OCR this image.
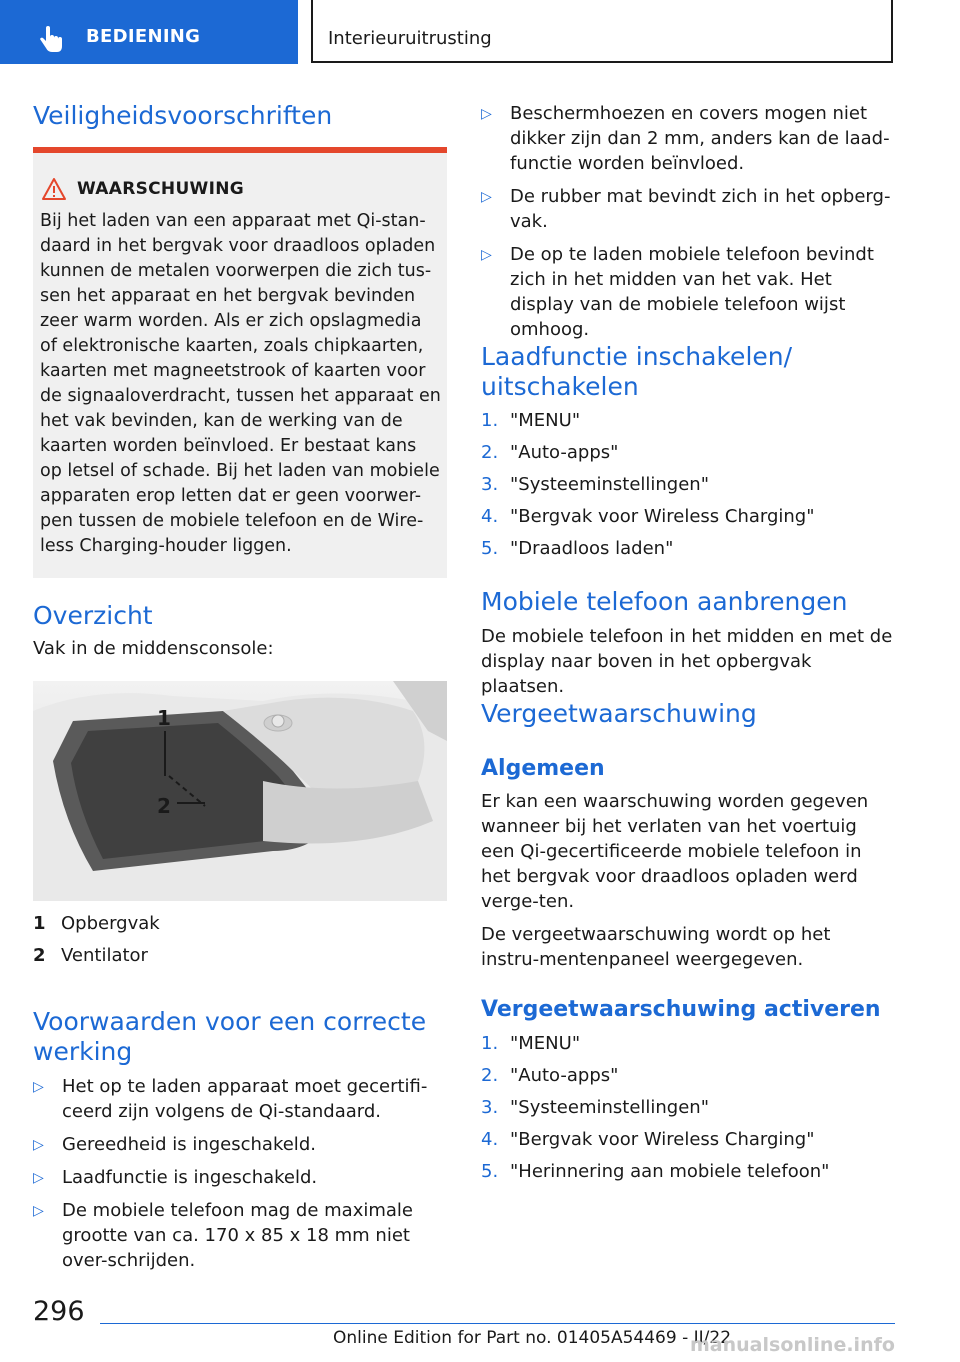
BEDIENING	Interieuruitrusting
Veiligheidsvoorschriften
WAARSCHUWING
Bij het laden van een apparaat met Qi-stan-daard in het bergvak voor draadloos opladen kunnen de metalen voorwerpen die zich tus-sen het apparaat en het bergvak bevinden zeer warm worden. Als er zich opslagmedia of elektronische kaarten, zoals chipkaarten, kaarten met magneetstrook of kaarten voor de signaaloverdracht, tussen het apparaat en het vak bevinden, kan de werking van de kaarten worden beïnvloed. Er bestaat kans op letsel of schade. Bij het laden van mobiele apparaten erop letten dat er geen voorwer-pen tussen de mobiele telefoon en de Wire-less Charging-houder liggen.
Overzicht

Vak in de middensconsole:

1
2
1 Opbergvak
2 Ventilator
Voorwaarden voor een correcte werking
▷ Het op te laden apparaat moet gecertifi-ceerd zijn volgens de Qi-standaard.
▷ Gereedheid is ingeschakeld.
▷ Laadfunctie is ingeschakeld.
▷ De mobiele telefoon mag de maximale grootte van ca. 170 x 85 x 18 mm niet over-schrijden.
▷ Beschermhoezen en covers mogen niet dikker zijn dan 2 mm, anders kan de laad-functie worden beïnvloed.
▷ De rubber mat bevindt zich in het opberg-vak.
▷ De op te laden mobiele telefoon bevindt zich in het midden van het vak. Het display van de mobiele telefoon wijst omhoog.
Laadfunctie inschakelen/ uitschakelen
1. "MENU"
2. "Auto-apps"
3. "Systeeminstellingen"
4. "Bergvak voor Wireless Charging"
5. "Draadloos laden"
Mobiele telefoon aanbrengen

De mobiele telefoon in het midden en met de display naar boven in het opbergvak plaatsen.

Vergeetwaarschuwing
Algemeen

Er kan een waarschuwing worden gegeven wanneer bij het verlaten van het voertuig een Qi-gecertificeerde mobiele telefoon in het bergvak voor draadloos opladen werd verge-ten.

De vergeetwaarschuwing wordt op het instru-mentenpaneel weergegeven.

Vergeetwaarschuwing activeren
1. "MENU"
2. "Auto-apps"
3. "Systeeminstellingen"
4. "Bergvak voor Wireless Charging"
5. "Herinnering aan mobiele telefoon"
296
Online Edition for Part no. 01405A54469 - II/22
manualsonline.info
